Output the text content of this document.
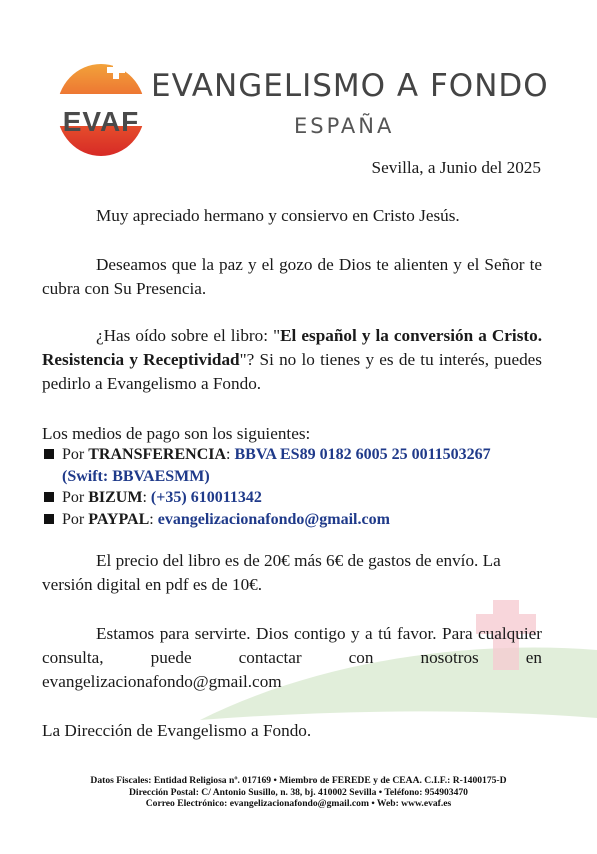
EVAF
EVANGELISMO A FONDO
ESPAÑA
Sevilla, a Junio del 2025

Muy apreciado hermano y consiervo en Cristo Jesús.

Deseamos que la paz y el gozo de Dios te alienten y el Señor te cubra con Su Presencia.

¿Has oído sobre el libro: "El español y la conversión a Cristo. Resistencia y Receptividad"? Si no lo tienes y es de tu interés, puedes pedirlo a Evangelismo a Fondo.

Los medios de pago son los siguientes:

Por TRANSFERENCIA: BBVA ES89 0182 6005 25 0011503267
(Swift: BBVAESMM)
Por BIZUM: (+35) 610011342
Por PAYPAL: evangelizacionafondo@gmail.com

El precio del libro es de 20€ más 6€ de gastos de envío. La versión digital en pdf es de 10€.

Estamos para servirte. Dios contigo y a tú favor. Para cualquier consulta, puede contactar con nosotros en evangelizacionafondo@gmail.com

La Dirección de Evangelismo a Fondo.

Datos Fiscales: Entidad Religiosa nº. 017169 • Miembro de FEREDE y de CEAA. C.I.F.: R-1400175-D
Dirección Postal: C/ Antonio Susillo, n. 38, bj. 410002 Sevilla • Teléfono: 954903470
Correo Electrónico: evangelizacionafondo@gmail.com • Web: www.evaf.es
